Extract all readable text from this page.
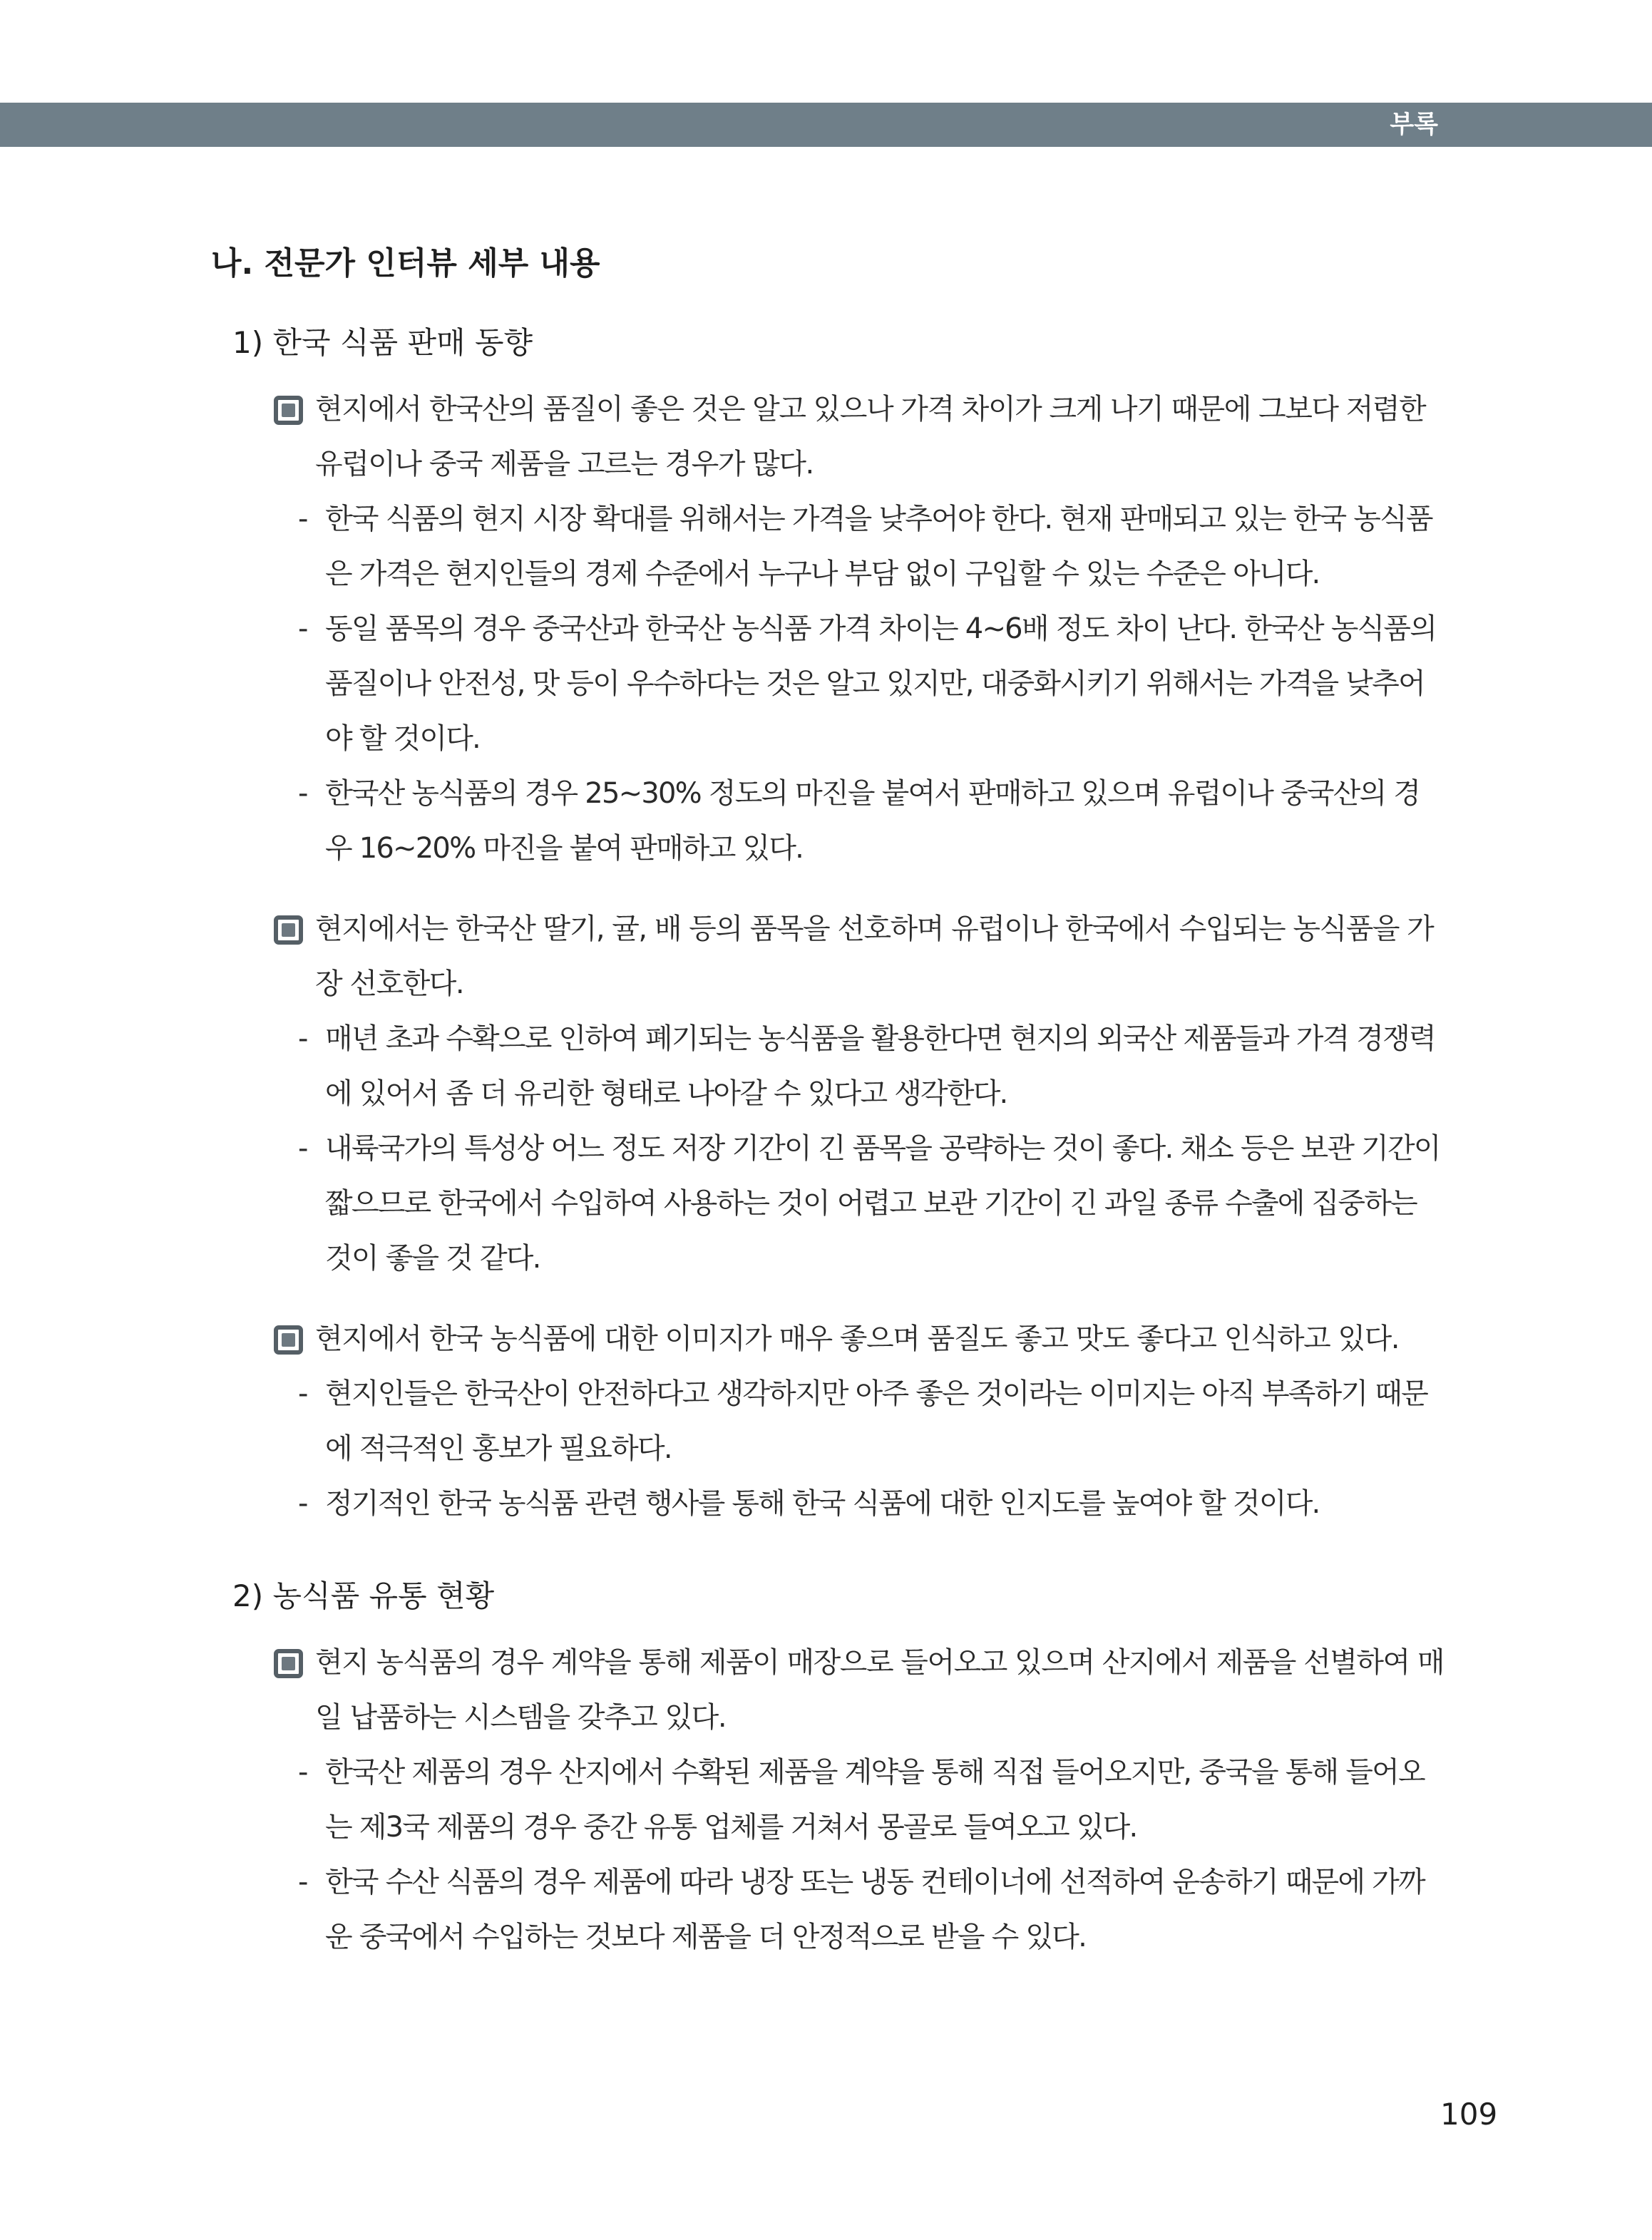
부록
나. 전문가 인터뷰 세부 내용
1) 한국 식품 판매 동향
현지에서 한국산의 품질이 좋은 것은 알고 있으나 가격 차이가 크게 나기 때문에 그보다 저렴한 유럽이나 중국 제품을 고르는 경우가 많다.
- 한국 식품의 현지 시장 확대를 위해서는 가격을 낮추어야 한다. 현재 판매되고 있는 한국 농식품은 가격은 현지인들의 경제 수준에서 누구나 부담 없이 구입할 수 있는 수준은 아니다.
- 동일 품목의 경우 중국산과 한국산 농식품 가격 차이는 4~6배 정도 차이 난다. 한국산 농식품의 품질이나 안전성, 맛 등이 우수하다는 것은 알고 있지만, 대중화시키기 위해서는 가격을 낮추어야 할 것이다.
- 한국산 농식품의 경우 25~30% 정도의 마진을 붙여서 판매하고 있으며 유럽이나 중국산의 경우 16~20% 마진을 붙여 판매하고 있다.
현지에서는 한국산 딸기, 귤, 배 등의 품목을 선호하며 유럽이나 한국에서 수입되는 농식품을 가장 선호한다.
- 매년 초과 수확으로 인하여 폐기되는 농식품을 활용한다면 현지의 외국산 제품들과 가격 경쟁력에 있어서 좀 더 유리한 형태로 나아갈 수 있다고 생각한다.
- 내륙국가의 특성상 어느 정도 저장 기간이 긴 품목을 공략하는 것이 좋다. 채소 등은 보관 기간이 짧으므로 한국에서 수입하여 사용하는 것이 어렵고 보관 기간이 긴 과일 종류 수출에 집중하는 것이 좋을 것 같다.
현지에서 한국 농식품에 대한 이미지가 매우 좋으며 품질도 좋고 맛도 좋다고 인식하고 있다.
- 현지인들은 한국산이 안전하다고 생각하지만 아주 좋은 것이라는 이미지는 아직 부족하기 때문에 적극적인 홍보가 필요하다.
- 정기적인 한국 농식품 관련 행사를 통해 한국 식품에 대한 인지도를 높여야 할 것이다.
2) 농식품 유통 현황
현지 농식품의 경우 계약을 통해 제품이 매장으로 들어오고 있으며 산지에서 제품을 선별하여 매일 납품하는 시스템을 갖추고 있다.
- 한국산 제품의 경우 산지에서 수확된 제품을 계약을 통해 직접 들어오지만, 중국을 통해 들어오는 제3국 제품의 경우 중간 유통 업체를 거쳐서 몽골로 들여오고 있다.
- 한국 수산 식품의 경우 제품에 따라 냉장 또는 냉동 컨테이너에 선적하여 운송하기 때문에 가까운 중국에서 수입하는 것보다 제품을 더 안정적으로 받을 수 있다.
109
